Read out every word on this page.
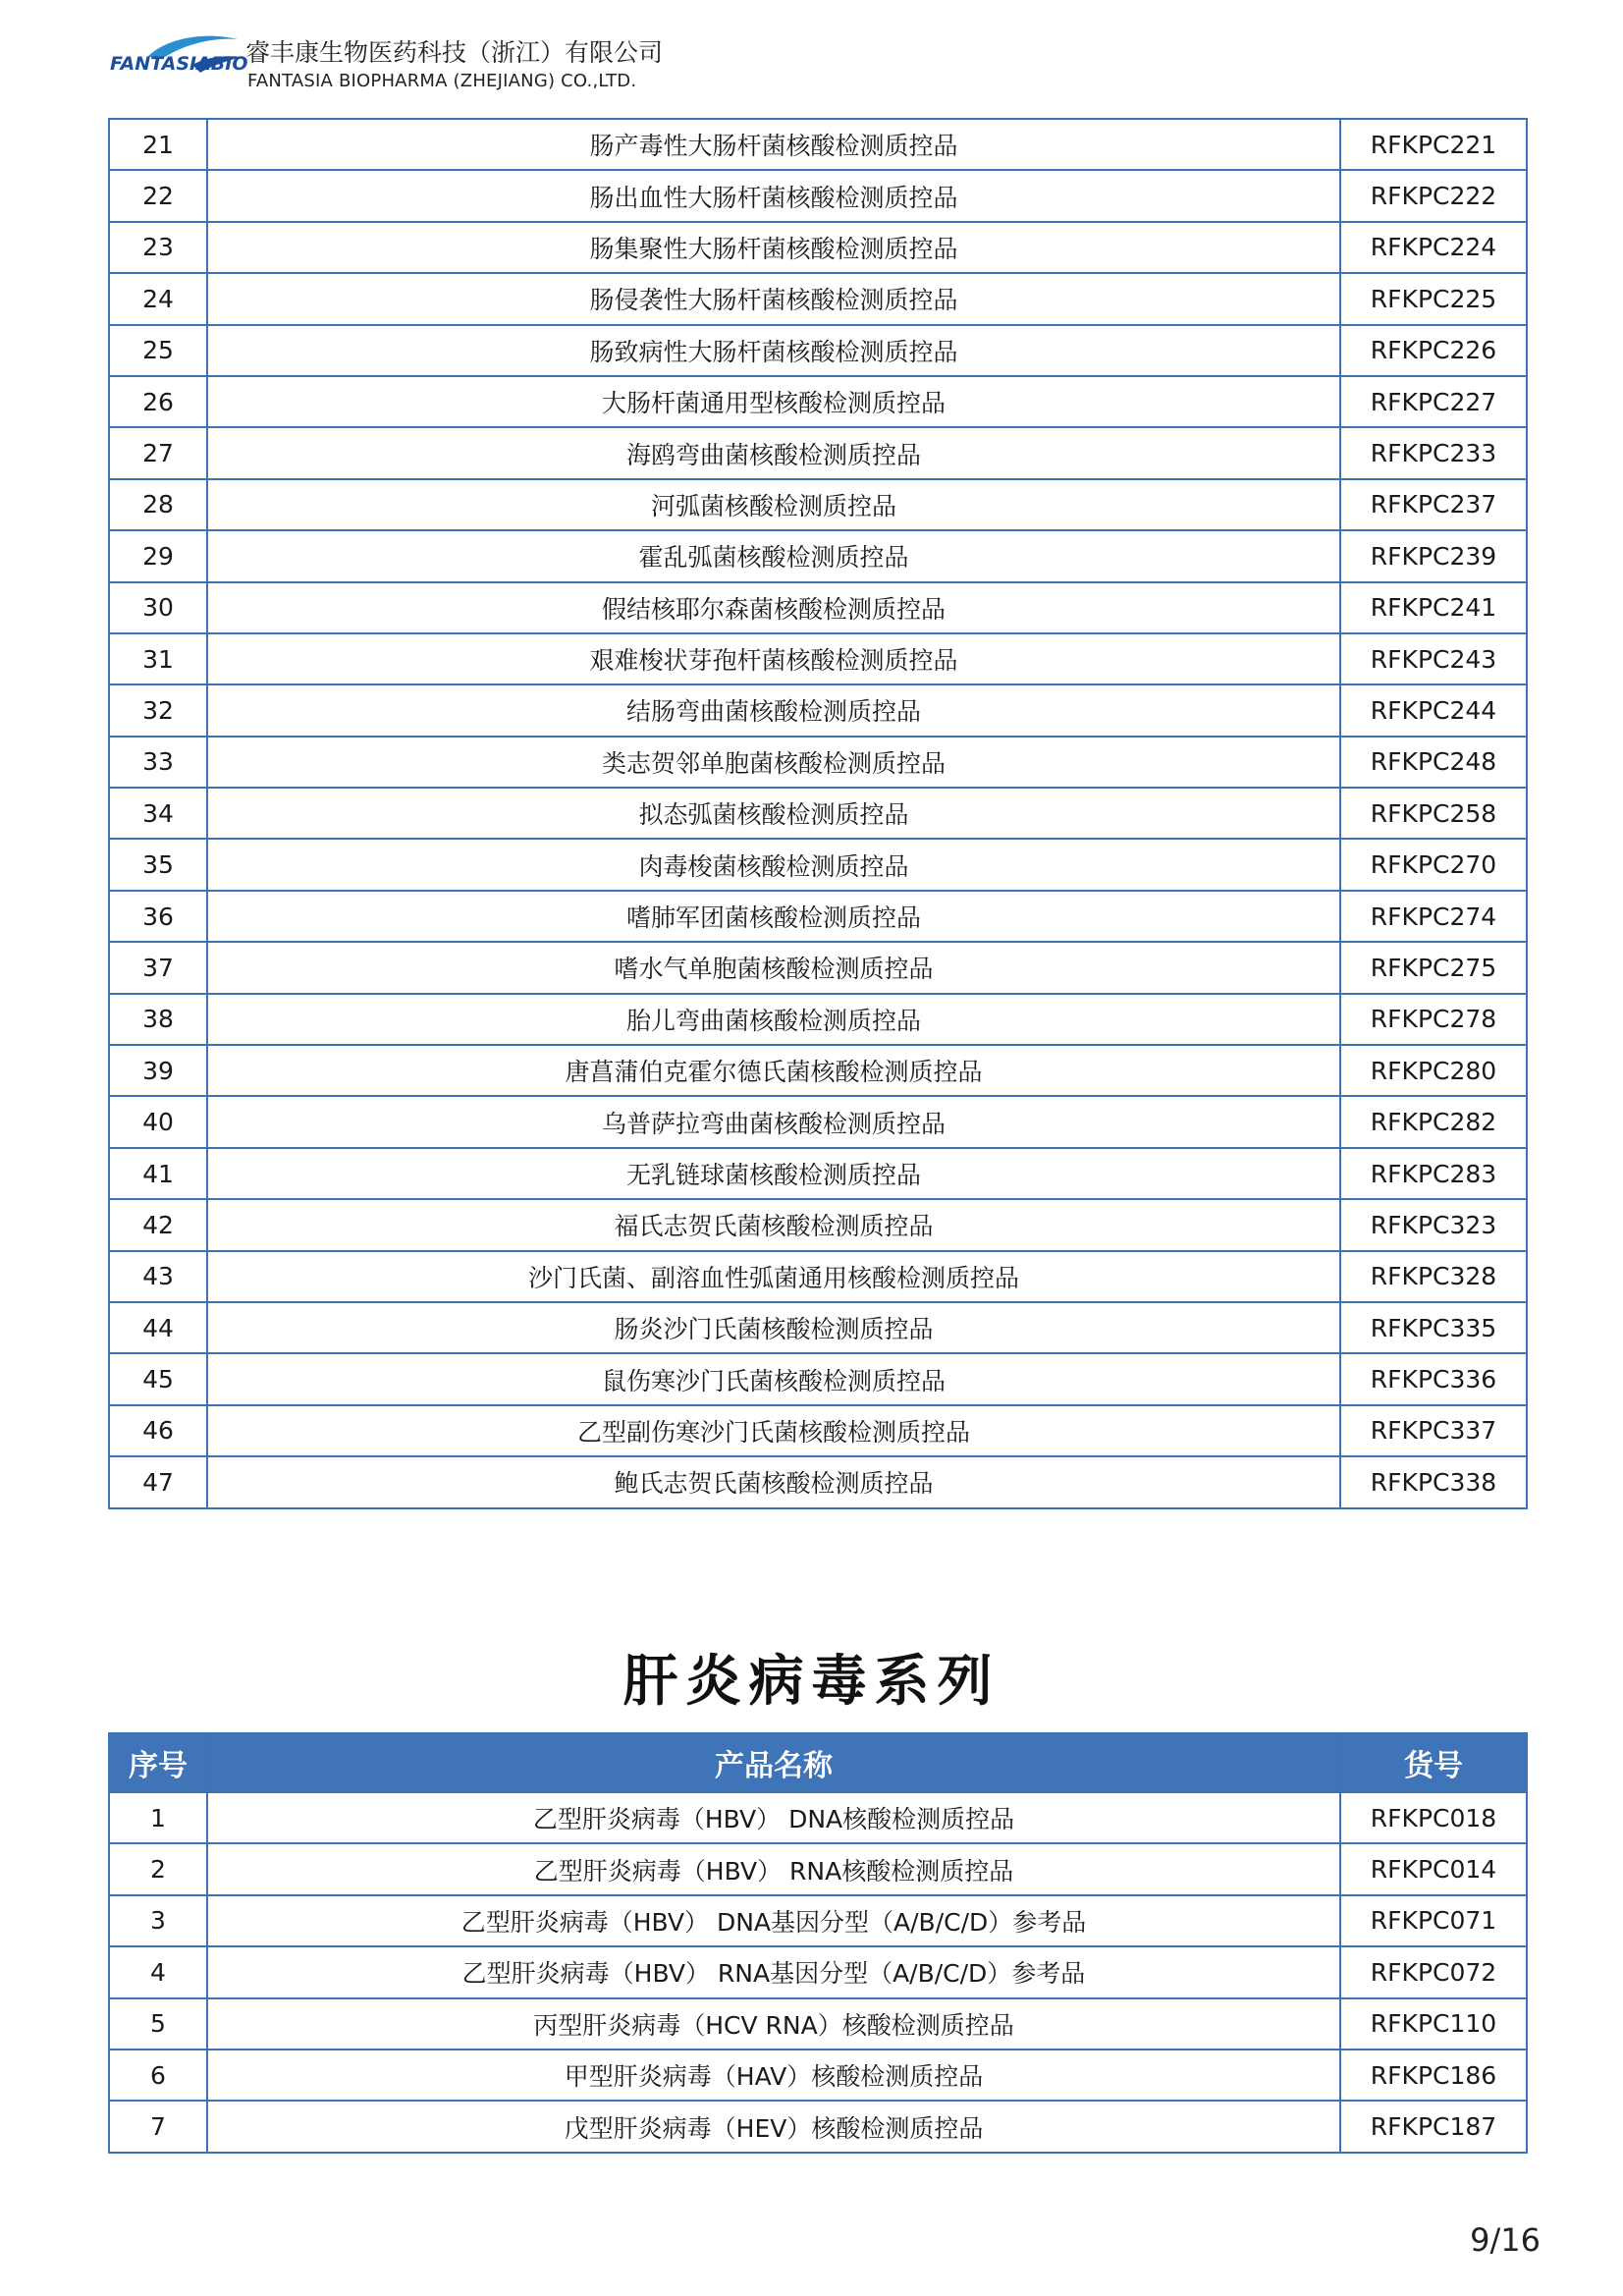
FANTASIABIO
睿丰康生物医药科技（浙江）有限公司
FANTASIA BIOPHARMA (ZHEJIANG) CO.,LTD.
21	肠产毒性大肠杆菌核酸检测质控品	RFKPC221
22	肠出血性大肠杆菌核酸检测质控品	RFKPC222
23	肠集聚性大肠杆菌核酸检测质控品	RFKPC224
24	肠侵袭性大肠杆菌核酸检测质控品	RFKPC225
25	肠致病性大肠杆菌核酸检测质控品	RFKPC226
26	大肠杆菌通用型核酸检测质控品	RFKPC227
27	海鸥弯曲菌核酸检测质控品	RFKPC233
28	河弧菌核酸检测质控品	RFKPC237
29	霍乱弧菌核酸检测质控品	RFKPC239
30	假结核耶尔森菌核酸检测质控品	RFKPC241
31	艰难梭状芽孢杆菌核酸检测质控品	RFKPC243
32	结肠弯曲菌核酸检测质控品	RFKPC244
33	类志贺邻单胞菌核酸检测质控品	RFKPC248
34	拟态弧菌核酸检测质控品	RFKPC258
35	肉毒梭菌核酸检测质控品	RFKPC270
36	嗜肺军团菌核酸检测质控品	RFKPC274
37	嗜水气单胞菌核酸检测质控品	RFKPC275
38	胎儿弯曲菌核酸检测质控品	RFKPC278
39	唐菖蒲伯克霍尔德氏菌核酸检测质控品	RFKPC280
40	乌普萨拉弯曲菌核酸检测质控品	RFKPC282
41	无乳链球菌核酸检测质控品	RFKPC283
42	福氏志贺氏菌核酸检测质控品	RFKPC323
43	沙门氏菌、副溶血性弧菌通用核酸检测质控品	RFKPC328
44	肠炎沙门氏菌核酸检测质控品	RFKPC335
45	鼠伤寒沙门氏菌核酸检测质控品	RFKPC336
46	乙型副伤寒沙门氏菌核酸检测质控品	RFKPC337
47	鲍氏志贺氏菌核酸检测质控品	RFKPC338
肝炎病毒系列
序号	产品名称	货号
1	乙型肝炎病毒（HBV） DNA核酸检测质控品	RFKPC018
2	乙型肝炎病毒（HBV） RNA核酸检测质控品	RFKPC014
3	乙型肝炎病毒（HBV） DNA基因分型（A/B/C/D）参考品	RFKPC071
4	乙型肝炎病毒（HBV） RNA基因分型（A/B/C/D）参考品	RFKPC072
5	丙型肝炎病毒（HCV RNA）核酸检测质控品	RFKPC110
6	甲型肝炎病毒（HAV）核酸检测质控品	RFKPC186
7	戊型肝炎病毒（HEV）核酸检测质控品	RFKPC187
9/16
